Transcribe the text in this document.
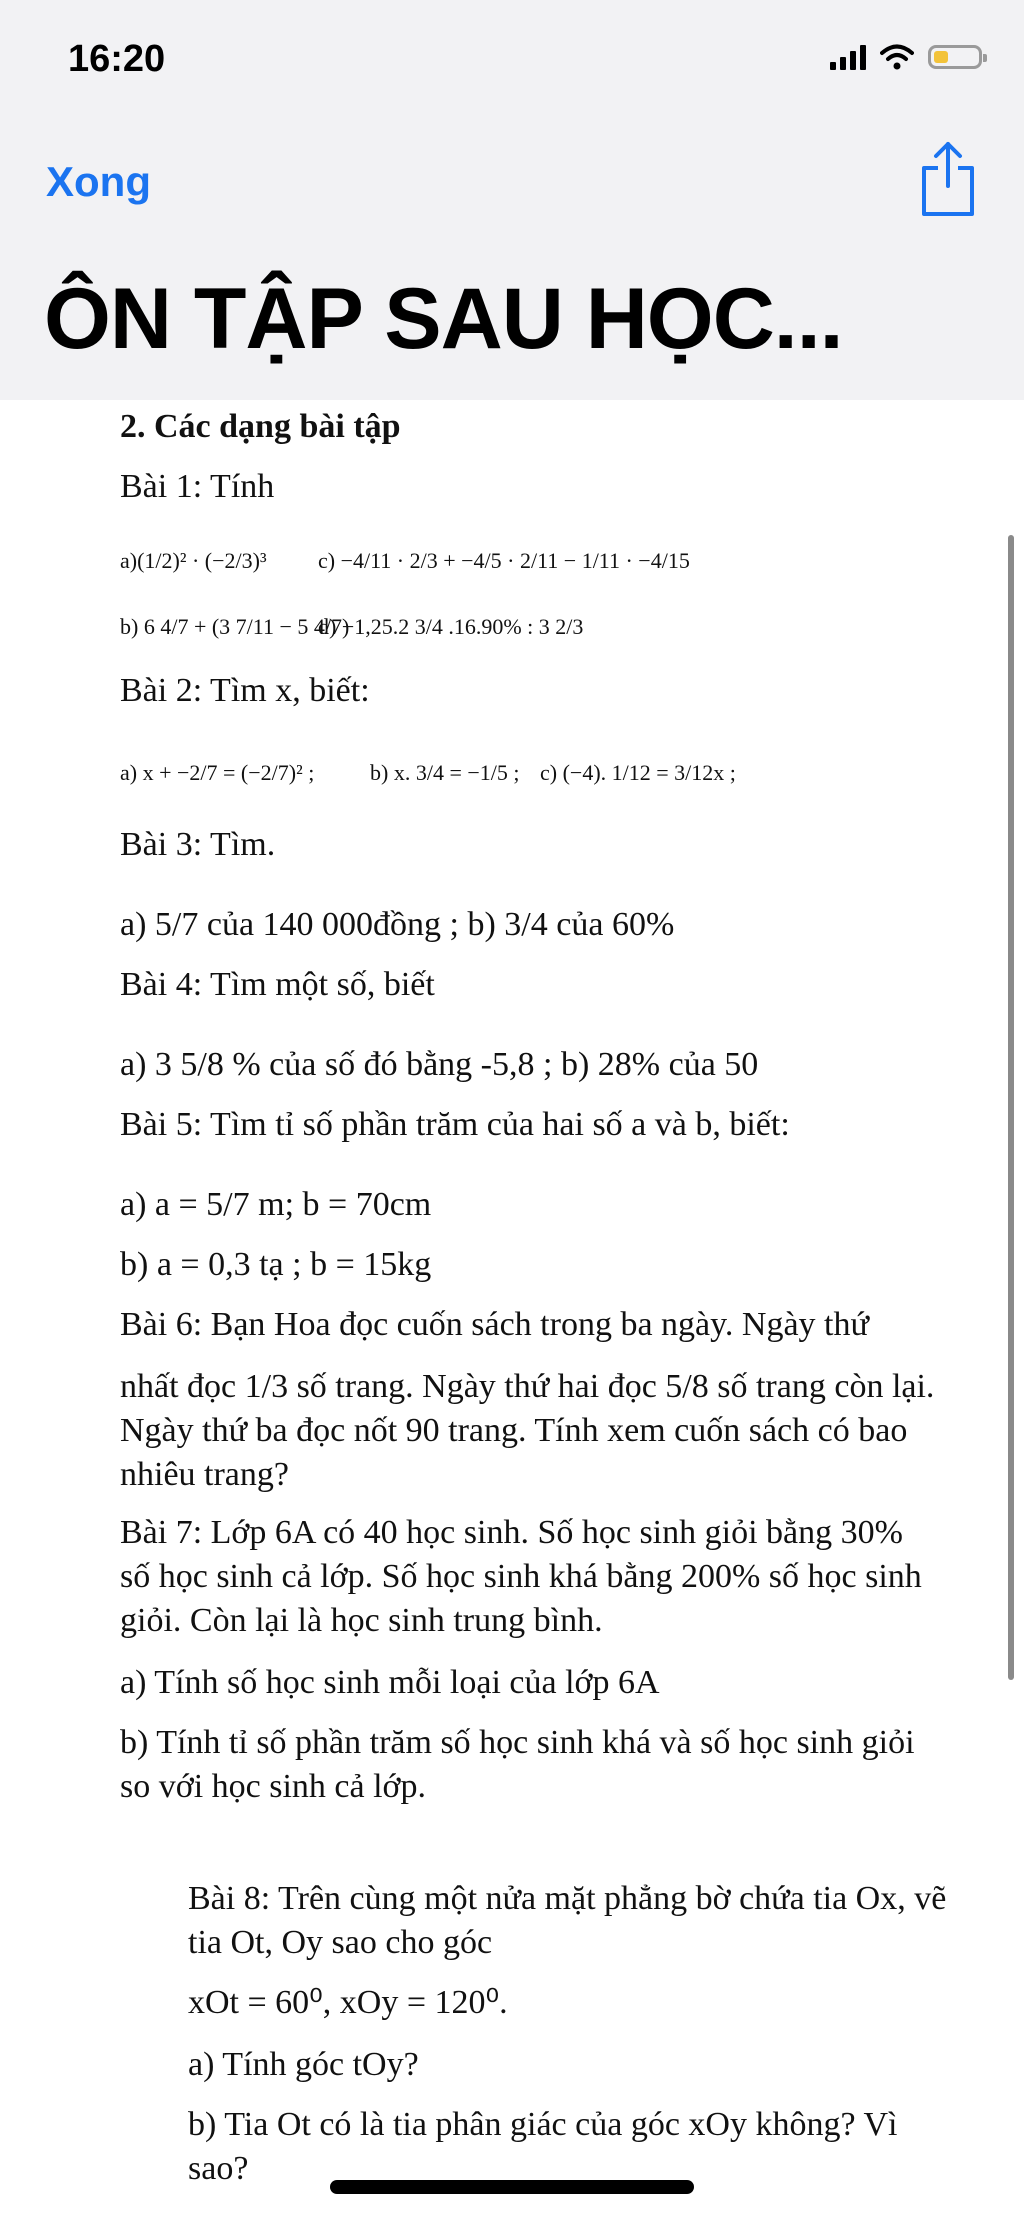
16:20
Xong
ÔN TẬP SAU HỌC...
2. Các dạng bài tập
Bài 1: Tính
a)(1/2)² · (−2/3)³ c) −4/11 · 2/3 + −4/5 · 2/11 − 1/11 · −4/15
b) 6 4/7 + (3 7/11 − 5 4/7)
d) −1,25.2 3/4 .16.90% : 3 2/3
Bài 2: Tìm x, biết:
a) x + −2/7 = (−2/7)² ;	b) x. 3/4 = −1/5 ; c) (−4). 1/12 = 3/12x ;
Bài 3: Tìm.
a) 5/7 của 140 000đồng ; b) 3/4 của 60%
Bài 4: Tìm một số, biết
a) 3 5/8 % của số đó bằng -5,8 ; b) 28% của 50
Bài 5: Tìm tỉ số phần trăm của hai số a và b, biết:
a) a = 5/7 m; b = 70cm
b) a = 0,3 tạ ; b = 15kg
Bài 6: Bạn Hoa đọc cuốn sách trong ba ngày. Ngày thứ
nhất đọc 1/3 số trang. Ngày thứ hai đọc 5/8 số trang còn lại.
Ngày thứ ba đọc nốt 90 trang. Tính xem cuốn sách có bao
nhiêu trang?
Bài 7: Lớp 6A có 40 học sinh. Số học sinh giỏi bằng 30%
số học sinh cả lớp. Số học sinh khá bằng 200% số học sinh
giỏi. Còn lại là học sinh trung bình.
a) Tính số học sinh mỗi loại của lớp 6A
b) Tính tỉ số phần trăm số học sinh khá và số học sinh giỏi
so với học sinh cả lớp.
Bài 8: Trên cùng một nửa mặt phẳng bờ chứa tia Ox, vẽ
tia Ot, Oy sao cho góc
xOt = 60⁰, xOy = 120⁰.
a) Tính góc tOy?
b) Tia Ot có là tia phân giác của góc xOy không? Vì
sao?
